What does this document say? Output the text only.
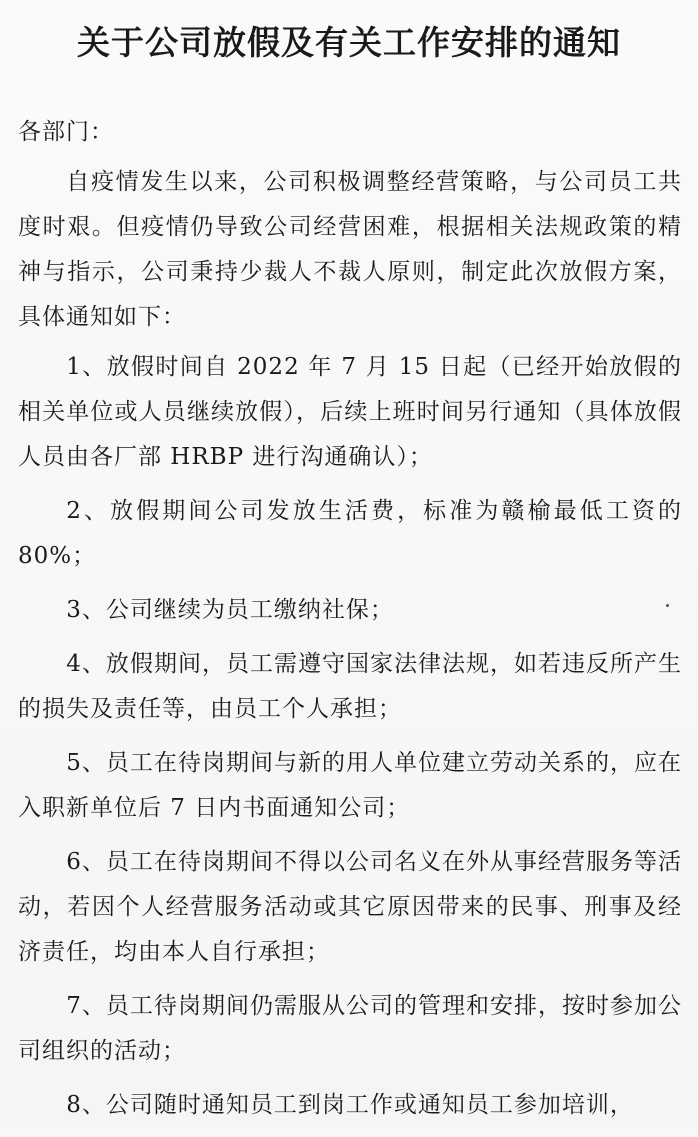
关于公司放假及有关工作安排的通知

各部门：

自疫情发生以来，公司积极调整经营策略，与公司员工共度时艰。但疫情仍导致公司经营困难，根据相关法规政策的精神与指示，公司秉持少裁人不裁人原则，制定此次放假方案，具体通知如下：

1、放假时间自 2022 年 7 月 15 日起（已经开始放假的相关单位或人员继续放假），后续上班时间另行通知（具体放假人员由各厂部 HRBP 进行沟通确认）；

2、放假期间公司发放生活费，标准为赣榆最低工资的 80%；

3、公司继续为员工缴纳社保；

4、放假期间，员工需遵守国家法律法规，如若违反所产生的损失及责任等，由员工个人承担；

5、员工在待岗期间与新的用人单位建立劳动关系的，应在入职新单位后 7 日内书面通知公司；

6、员工在待岗期间不得以公司名义在外从事经营服务等活动，若因个人经营服务活动或其它原因带来的民事、刑事及经济责任，均由本人自行承担；

7、员工待岗期间仍需服从公司的管理和安排，按时参加公司组织的活动；

8、公司随时通知员工到岗工作或通知员工参加培训，
